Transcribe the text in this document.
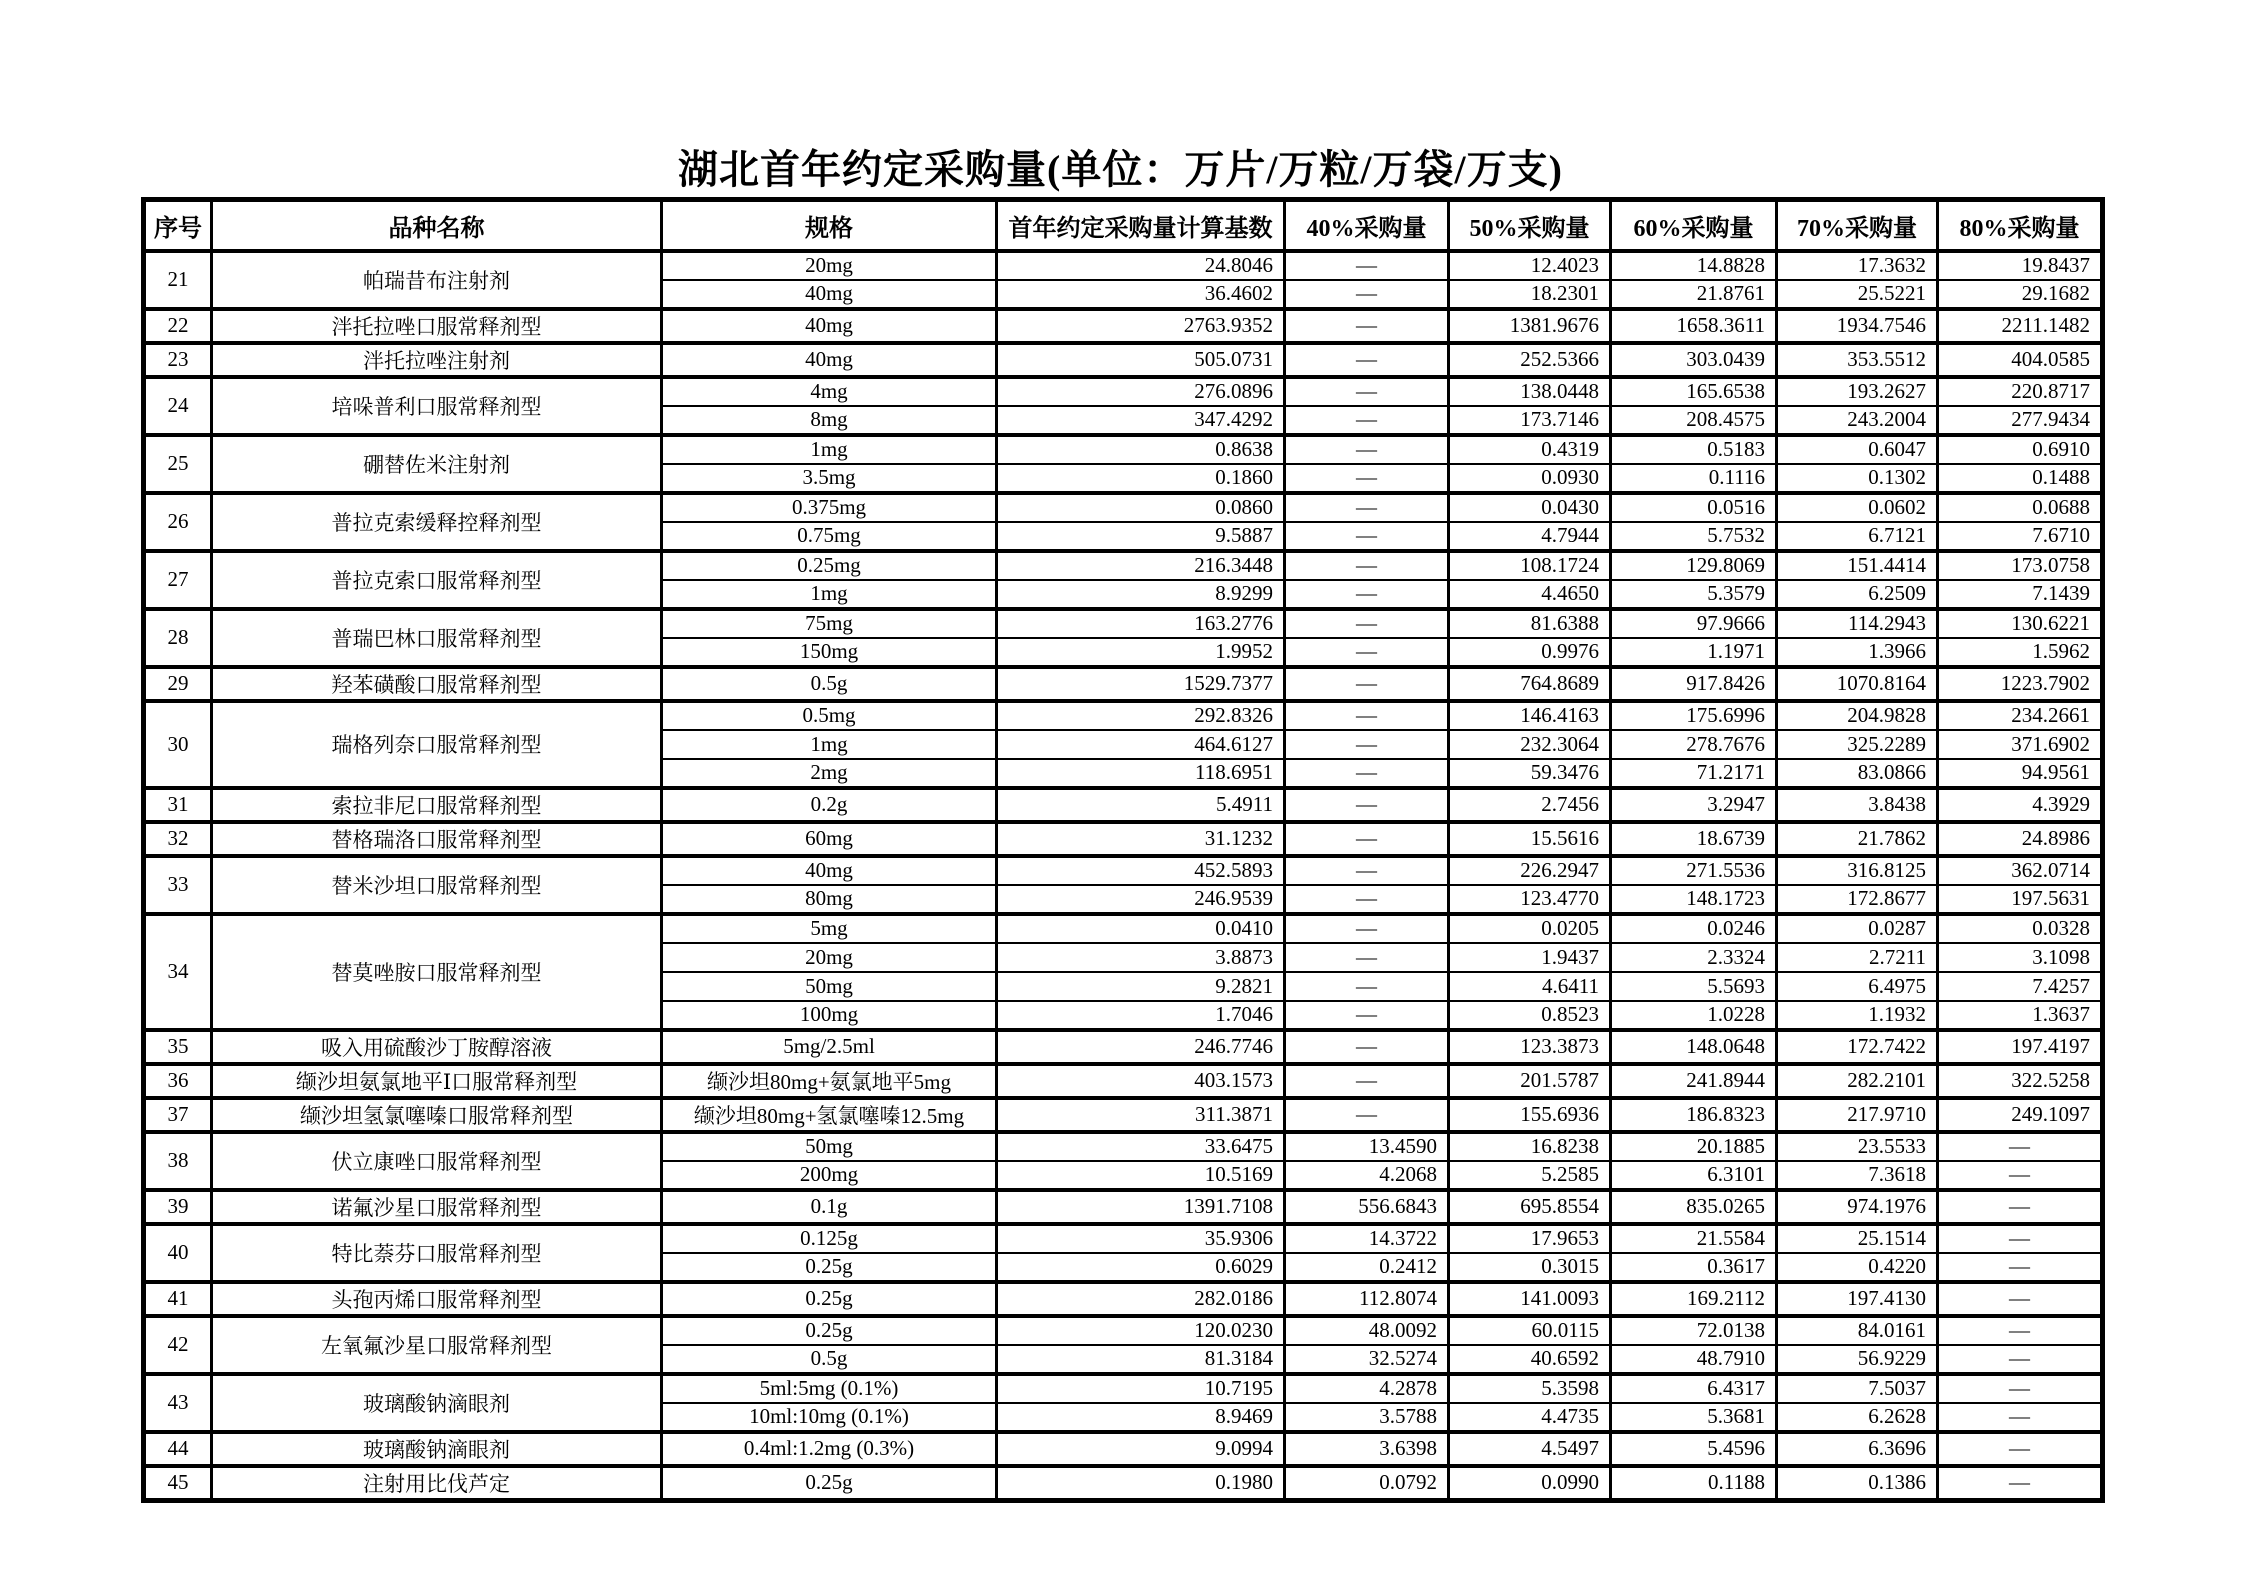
湖北首年约定采购量(单位：万片/万粒/万袋/万支)
序号	品种名称	规格	首年约定采购量计算基数	40%采购量	50%采购量	60%采购量	70%采购量	80%采购量
21	帕瑞昔布注射剂	20mg	24.8046	—	12.4023	14.8828	17.3632	19.8437
		40mg	36.4602	—	18.2301	21.8761	25.5221	29.1682
22	泮托拉唑口服常释剂型	40mg	2763.9352	—	1381.9676	1658.3611	1934.7546	2211.1482
23	泮托拉唑注射剂	40mg	505.0731	—	252.5366	303.0439	353.5512	404.0585
24	培哚普利口服常释剂型	4mg	276.0896	—	138.0448	165.6538	193.2627	220.8717
		8mg	347.4292	—	173.7146	208.4575	243.2004	277.9434
25	硼替佐米注射剂	1mg	0.8638	—	0.4319	0.5183	0.6047	0.6910
		3.5mg	0.1860	—	0.0930	0.1116	0.1302	0.1488
26	普拉克索缓释控释剂型	0.375mg	0.0860	—	0.0430	0.0516	0.0602	0.0688
		0.75mg	9.5887	—	4.7944	5.7532	6.7121	7.6710
27	普拉克索口服常释剂型	0.25mg	216.3448	—	108.1724	129.8069	151.4414	173.0758
		1mg	8.9299	—	4.4650	5.3579	6.2509	7.1439
28	普瑞巴林口服常释剂型	75mg	163.2776	—	81.6388	97.9666	114.2943	130.6221
		150mg	1.9952	—	0.9976	1.1971	1.3966	1.5962
29	羟苯磺酸口服常释剂型	0.5g	1529.7377	—	764.8689	917.8426	1070.8164	1223.7902
30	瑞格列奈口服常释剂型	0.5mg	292.8326	—	146.4163	175.6996	204.9828	234.2661
		1mg	464.6127	—	232.3064	278.7676	325.2289	371.6902
		2mg	118.6951	—	59.3476	71.2171	83.0866	94.9561
31	索拉非尼口服常释剂型	0.2g	5.4911	—	2.7456	3.2947	3.8438	4.3929
32	替格瑞洛口服常释剂型	60mg	31.1232	—	15.5616	18.6739	21.7862	24.8986
33	替米沙坦口服常释剂型	40mg	452.5893	—	226.2947	271.5536	316.8125	362.0714
		80mg	246.9539	—	123.4770	148.1723	172.8677	197.5631
34	替莫唑胺口服常释剂型	5mg	0.0410	—	0.0205	0.0246	0.0287	0.0328
		20mg	3.8873	—	1.9437	2.3324	2.7211	3.1098
		50mg	9.2821	—	4.6411	5.5693	6.4975	7.4257
		100mg	1.7046	—	0.8523	1.0228	1.1932	1.3637
35	吸入用硫酸沙丁胺醇溶液	5mg/2.5ml	246.7746	—	123.3873	148.0648	172.7422	197.4197
36	缬沙坦氨氯地平Ⅰ口服常释剂型	缬沙坦80mg+氨氯地平5mg	403.1573	—	201.5787	241.8944	282.2101	322.5258
37	缬沙坦氢氯噻嗪口服常释剂型	缬沙坦80mg+氢氯噻嗪12.5mg	311.3871	—	155.6936	186.8323	217.9710	249.1097
38	伏立康唑口服常释剂型	50mg	33.6475	13.4590	16.8238	20.1885	23.5533	—
		200mg	10.5169	4.2068	5.2585	6.3101	7.3618	—
39	诺氟沙星口服常释剂型	0.1g	1391.7108	556.6843	695.8554	835.0265	974.1976	—
40	特比萘芬口服常释剂型	0.125g	35.9306	14.3722	17.9653	21.5584	25.1514	—
		0.25g	0.6029	0.2412	0.3015	0.3617	0.4220	—
41	头孢丙烯口服常释剂型	0.25g	282.0186	112.8074	141.0093	169.2112	197.4130	—
42	左氧氟沙星口服常释剂型	0.25g	120.0230	48.0092	60.0115	72.0138	84.0161	—
		0.5g	81.3184	32.5274	40.6592	48.7910	56.9229	—
43	玻璃酸钠滴眼剂	5ml:5mg (0.1%)	10.7195	4.2878	5.3598	6.4317	7.5037	—
		10ml:10mg (0.1%)	8.9469	3.5788	4.4735	5.3681	6.2628	—
44	玻璃酸钠滴眼剂	0.4ml:1.2mg (0.3%)	9.0994	3.6398	4.5497	5.4596	6.3696	—
45	注射用比伐芦定	0.25g	0.1980	0.0792	0.0990	0.1188	0.1386	—
